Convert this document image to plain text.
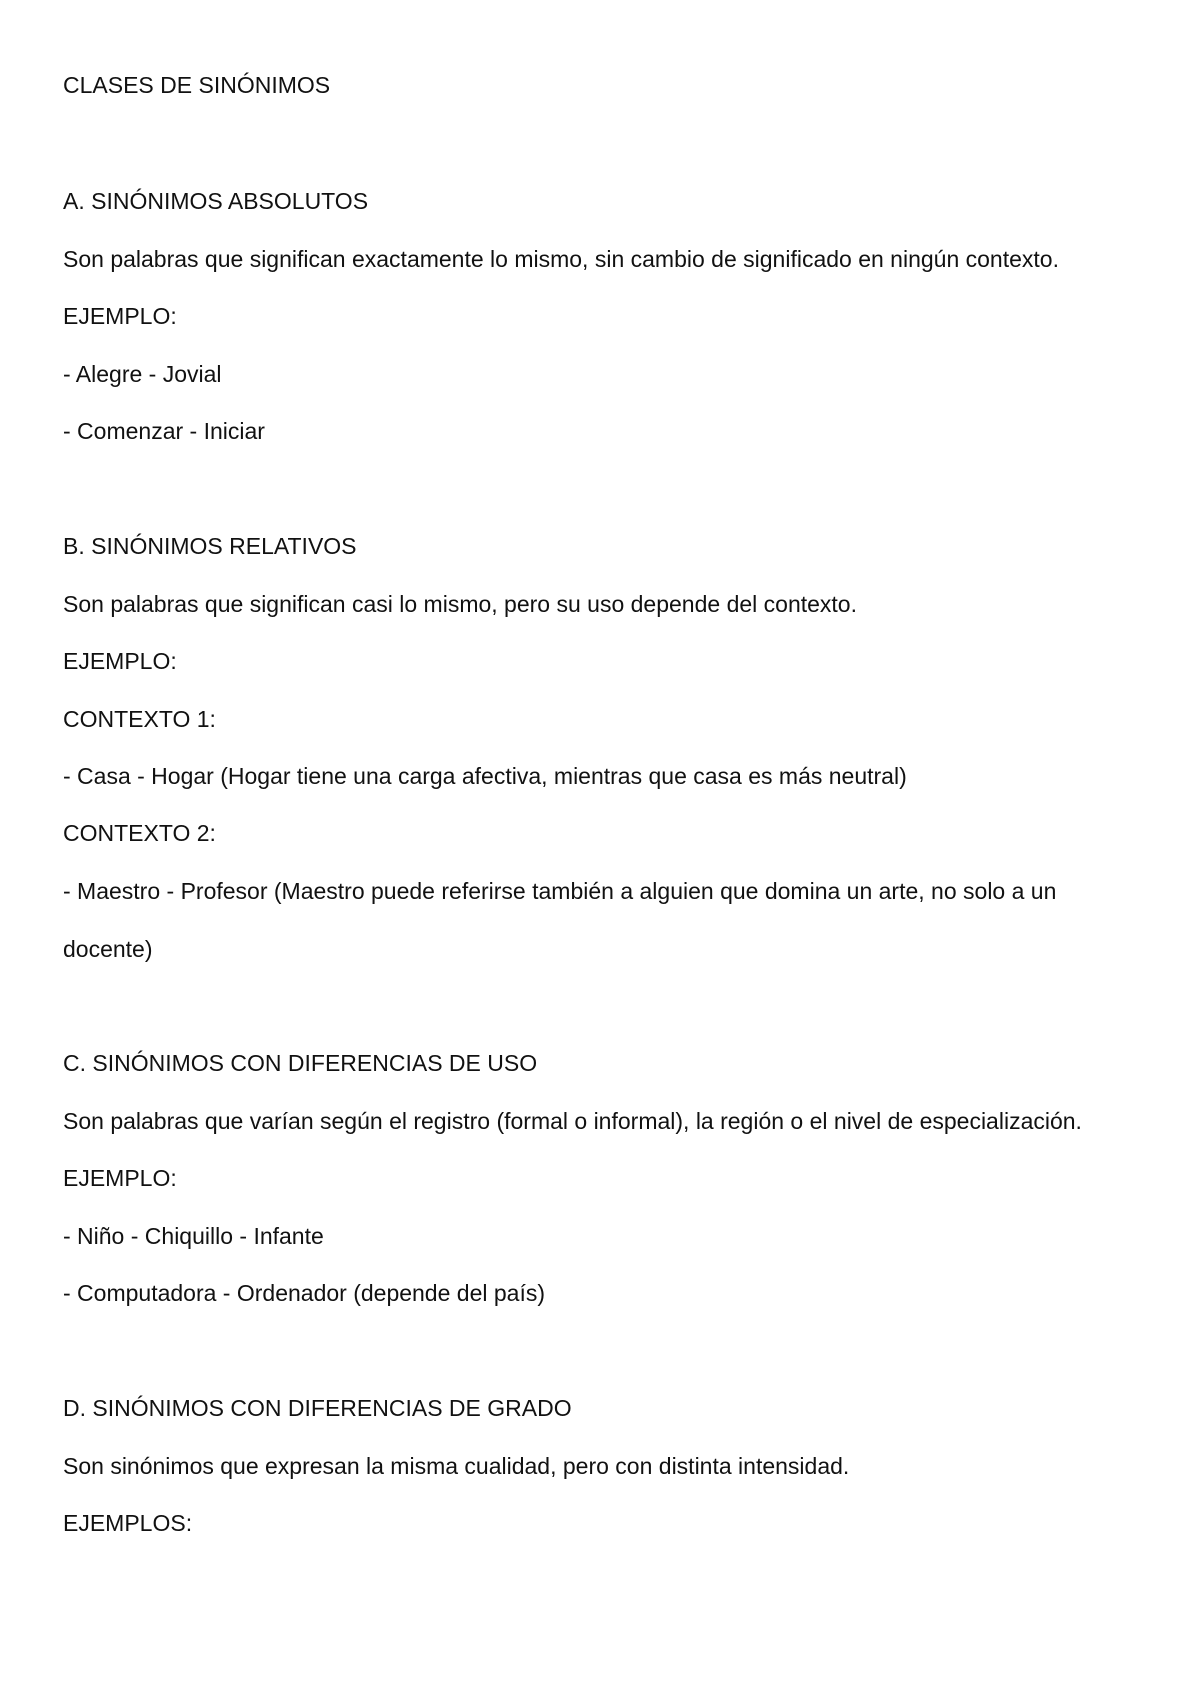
CLASES DE SINÓNIMOS
A. SINÓNIMOS ABSOLUTOS
Son palabras que significan exactamente lo mismo, sin cambio de significado en ningún contexto.
EJEMPLO:
- Alegre - Jovial
- Comenzar - Iniciar
B. SINÓNIMOS RELATIVOS
Son palabras que significan casi lo mismo, pero su uso depende del contexto.
EJEMPLO:
CONTEXTO 1:
- Casa - Hogar (Hogar tiene una carga afectiva, mientras que casa es más neutral)
CONTEXTO 2:
- Maestro - Profesor (Maestro puede referirse también a alguien que domina un arte, no solo a un
docente)
C. SINÓNIMOS CON DIFERENCIAS DE USO
Son palabras que varían según el registro (formal o informal), la región o el nivel de especialización.
EJEMPLO:
- Niño - Chiquillo - Infante
- Computadora - Ordenador (depende del país)
D. SINÓNIMOS CON DIFERENCIAS DE GRADO
Son sinónimos que expresan la misma cualidad, pero con distinta intensidad.
EJEMPLOS:
